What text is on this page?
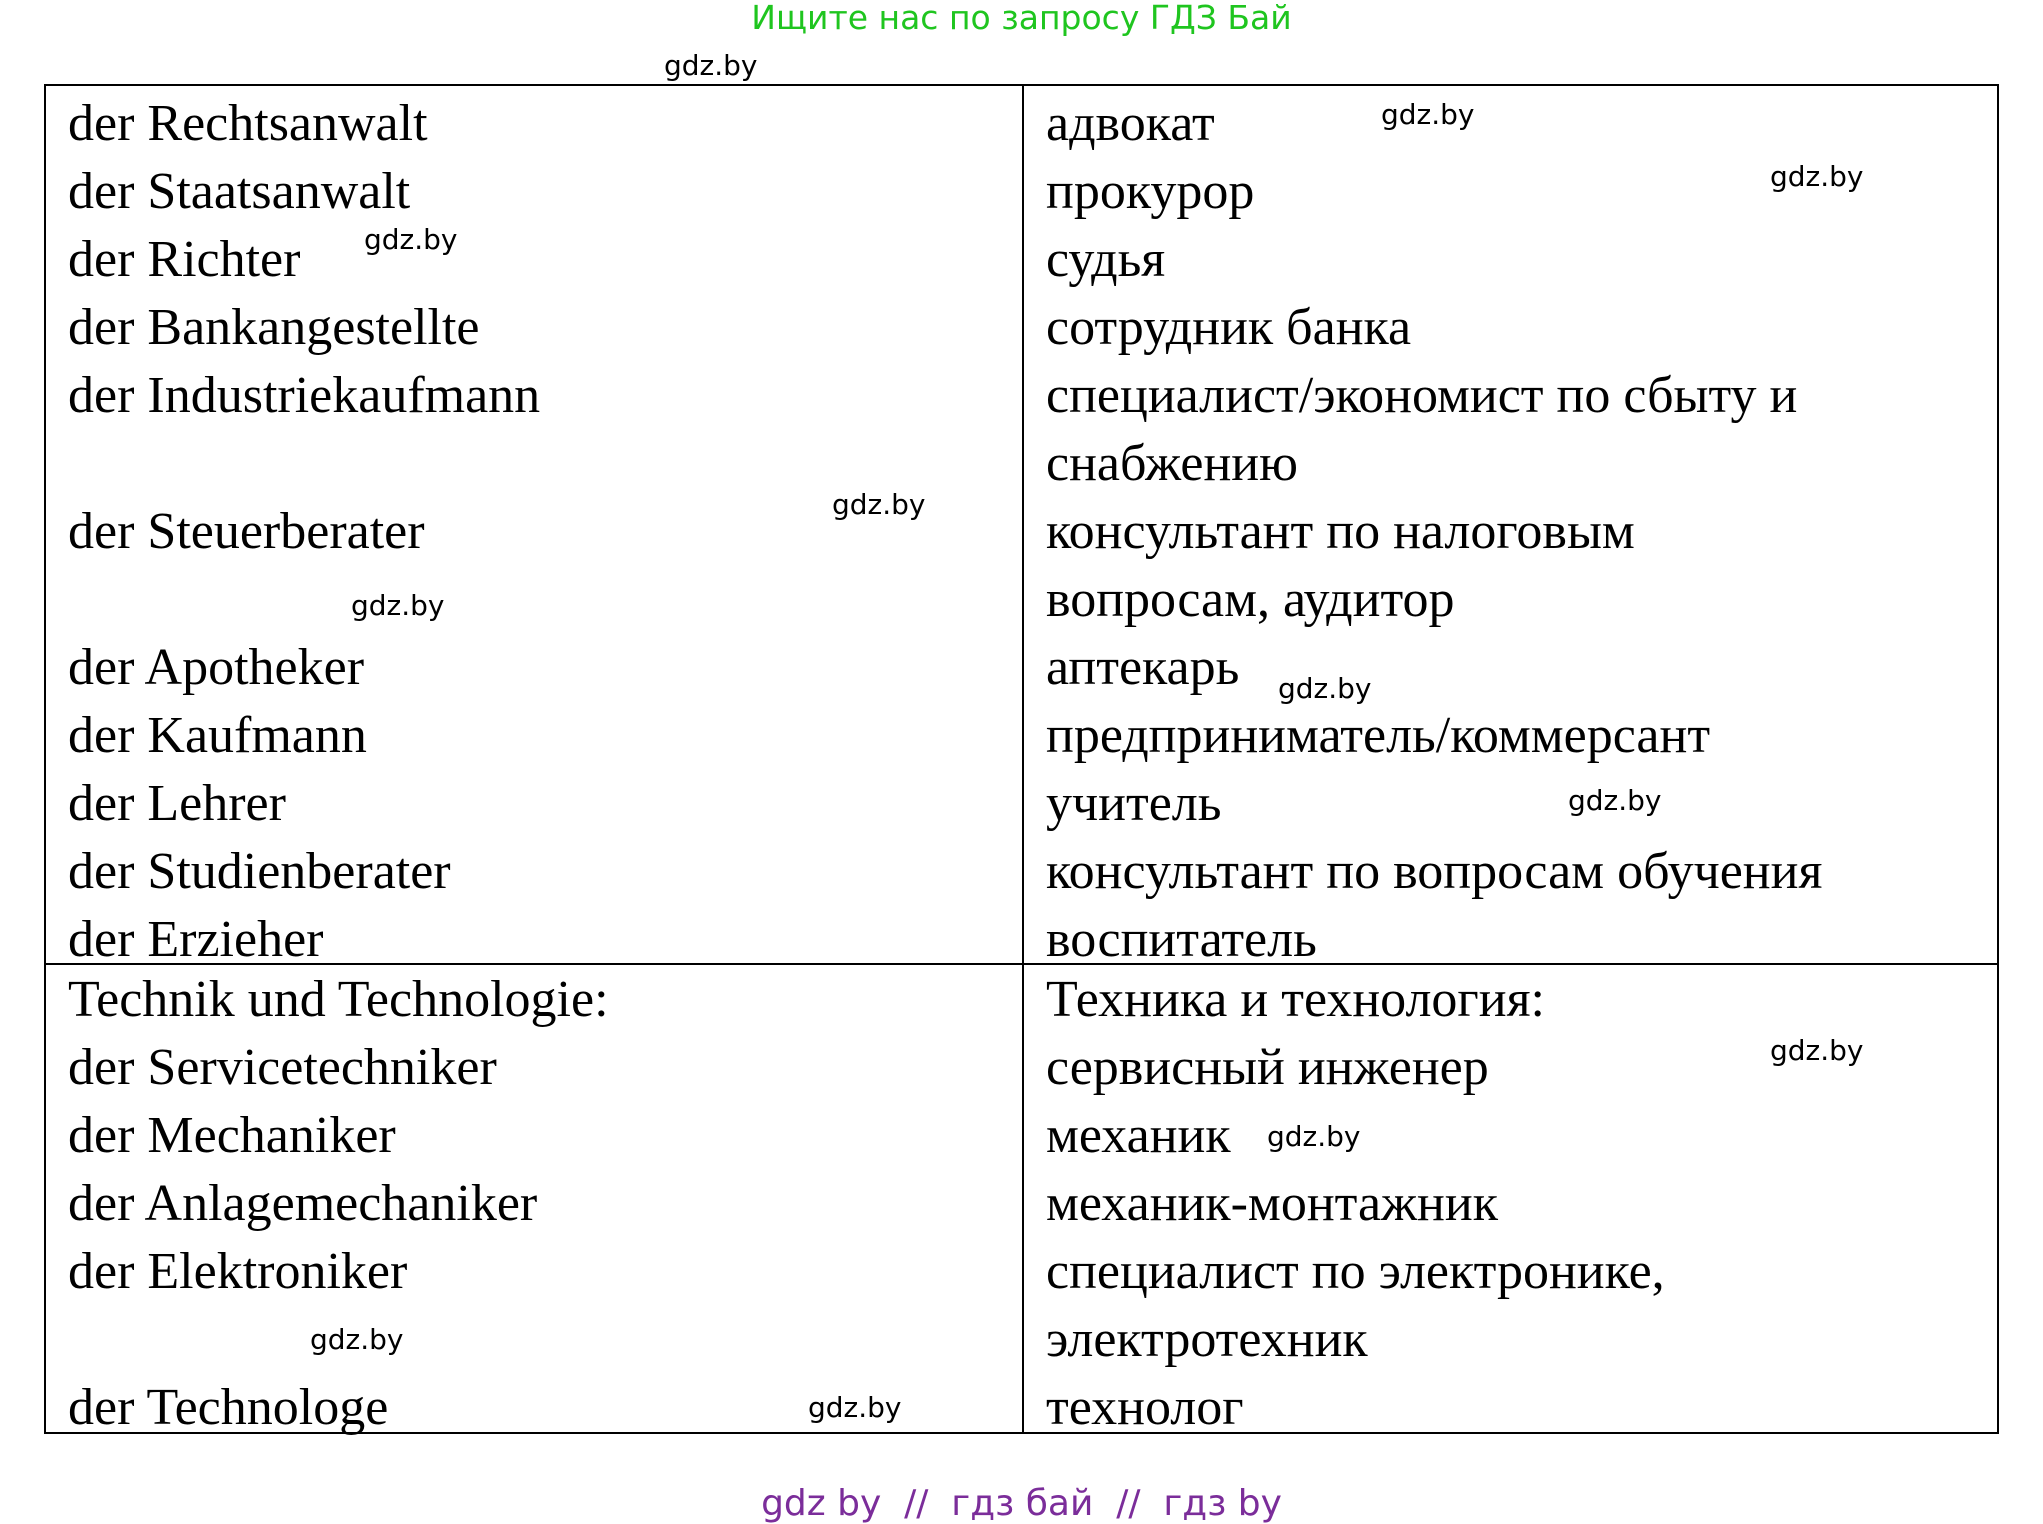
Ищите нас по запросу ГДЗ Бай
der Rechtsanwalt
der Staatsanwalt
der Richter
der Bankangestellte
der Industriekaufmann
der Steuerberater
der Apotheker
der Kaufmann
der Lehrer
der Studienberater
der Erzieher
адвокат
прокурор
судья
сотрудник банка
специалист/экономист по сбыту и
снабжению
консультант по налоговым
вопросам, аудитор
аптекарь
предприниматель/коммерсант
учитель
консультант по вопросам обучения
воспитатель
Technik und Technologie:
der Servicetechniker
der Mechaniker
der Anlagemechaniker
der Elektroniker
der Technologe
Техника и технология:
сервисный инженер
механик
механик-монтажник
специалист по электронике,
электротехник
технолог
gdz.by
gdz.by
gdz.by
gdz.by
gdz.by
gdz.by
gdz.by
gdz.by
gdz.by
gdz.by
gdz.by
gdz.by
gdz by  //  гдз бай  //  гдз by
